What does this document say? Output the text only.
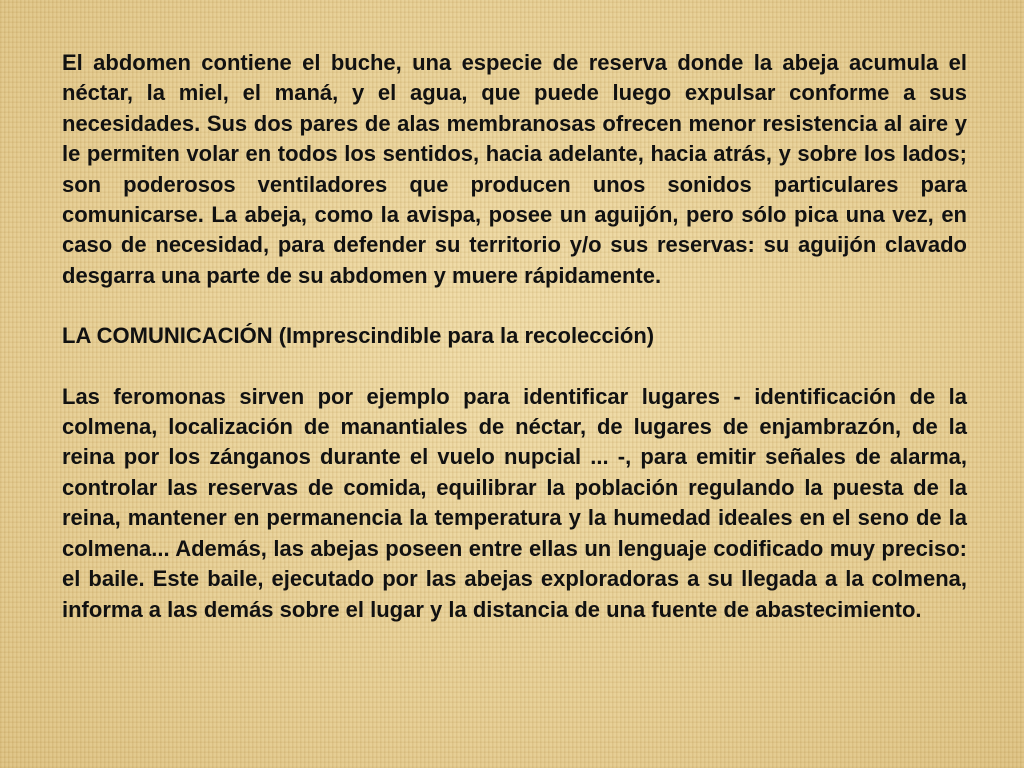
El abdomen contiene el buche, una especie de reserva donde la abeja acumula el néctar, la miel, el maná, y el agua, que puede luego expulsar conforme a sus necesidades. Sus dos pares de alas membranosas ofrecen menor resistencia al aire y le permiten volar en todos los sentidos, hacia adelante, hacia atrás, y sobre los lados; son poderosos ventiladores que producen unos sonidos particulares para comunicarse. La abeja, como la avispa, posee un aguijón, pero sólo pica una vez, en caso de necesidad, para defender su territorio y/o sus reservas: su aguijón clavado desgarra una parte de su abdomen y muere rápidamente.

LA COMUNICACIÓN (Imprescindible para la recolección)

Las feromonas sirven por ejemplo para identificar lugares - identificación de la colmena, localización de manantiales de néctar, de lugares de enjambrazón, de la reina por los zánganos durante el vuelo nupcial ... -, para emitir señales de alarma, controlar las reservas de comida, equilibrar la población regulando la puesta de la reina, mantener en permanencia la temperatura y la humedad ideales en el seno de la colmena... Además, las abejas poseen entre ellas un lenguaje codificado muy preciso: el baile. Este baile, ejecutado por las abejas exploradoras a su llegada a la colmena, informa a las demás sobre el lugar y la distancia de una fuente de abastecimiento.
